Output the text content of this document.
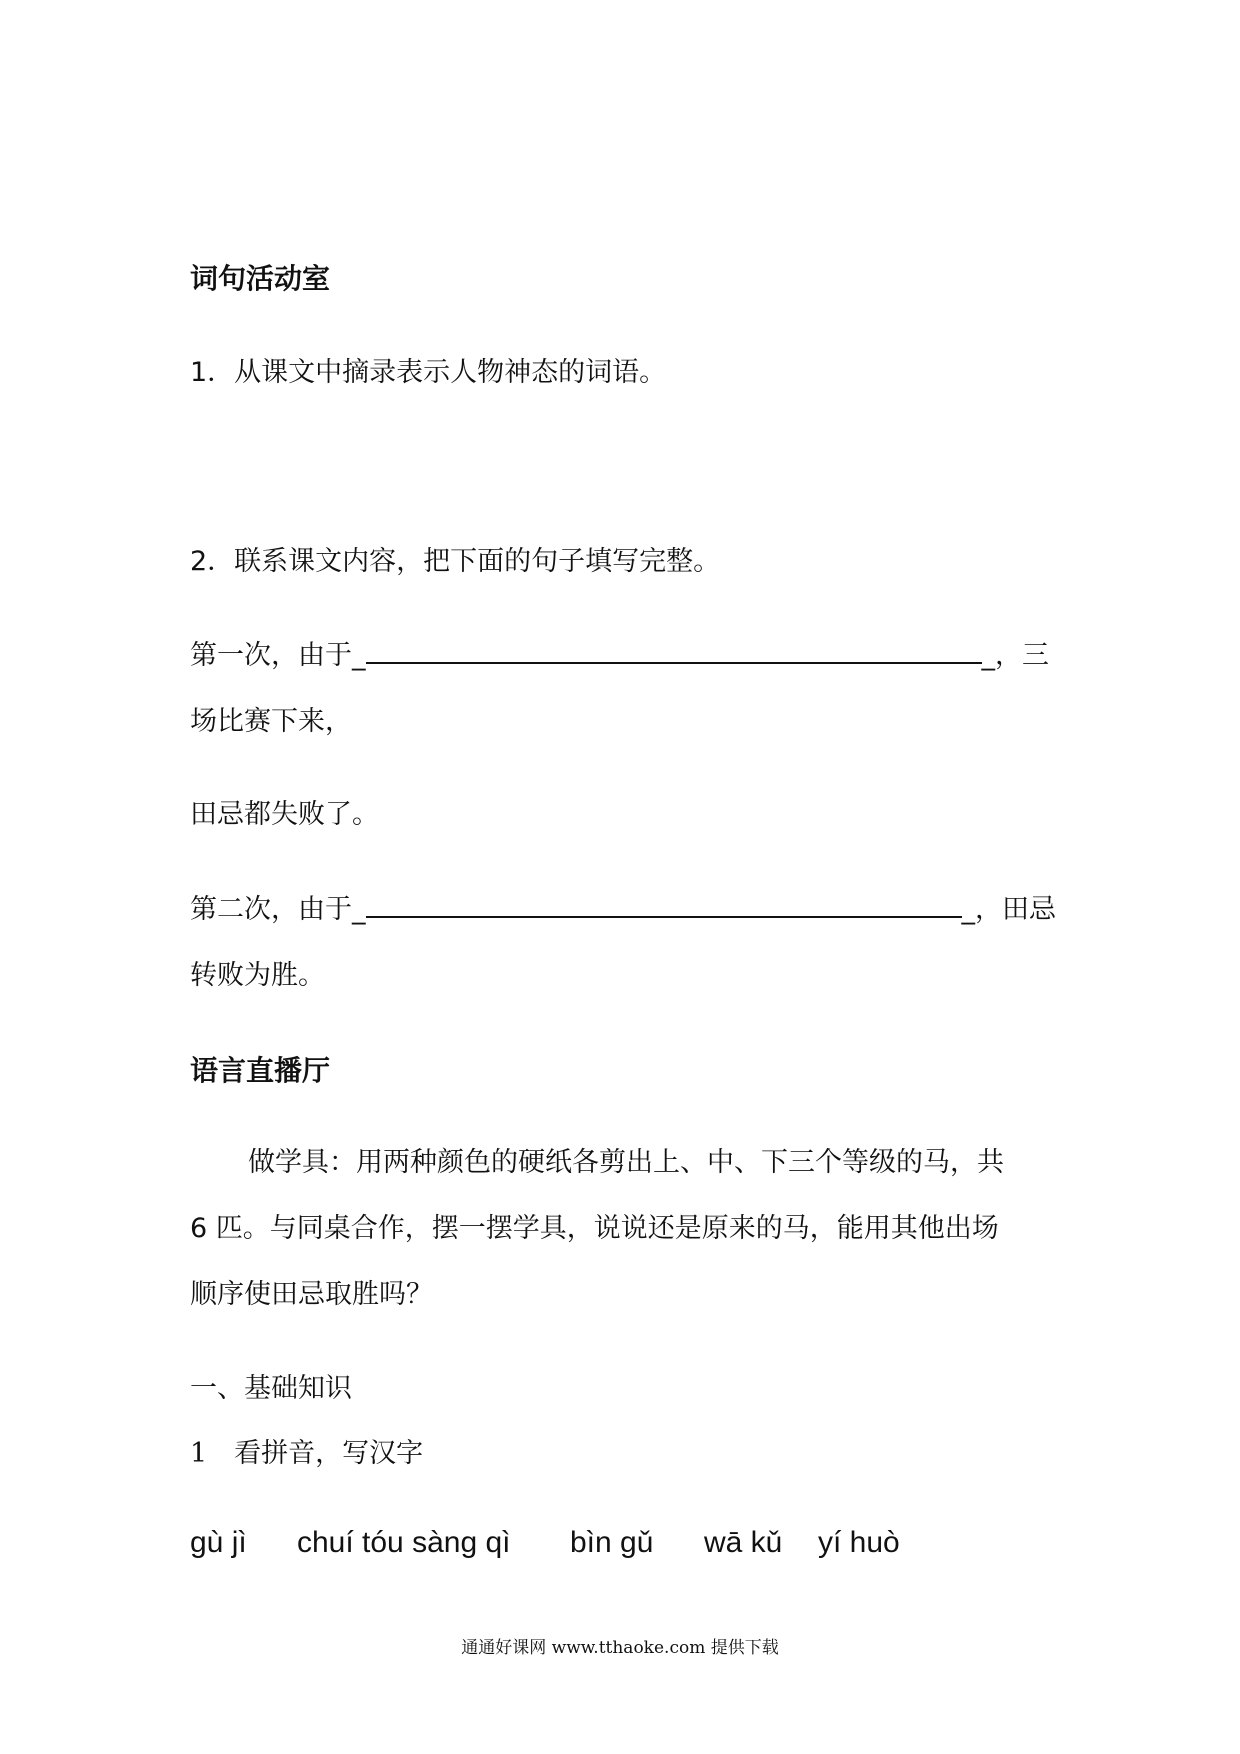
词句活动室
1．从课文中摘录表示人物神态的词语。
2．联系课文内容，把下面的句子填写完整。
第一次，由于_	_，三
场比赛下来，
田忌都失败了。
第二次，由于_	_，田忌
转败为胜。
语言直播厅
做学具：用两种颜色的硬纸各剪出上、中、下三个等级的马，共
6 匹。与同桌合作，摆一摆学具，说说还是原来的马，能用其他出场
顺序使田忌取胜吗？
一、基础知识
1　看拼音，写汉字
gù jì chuí tóu sàng qì bìn gǔ wā kǔ yí huò
通通好课网 www.tthaoke.com 提供下载
